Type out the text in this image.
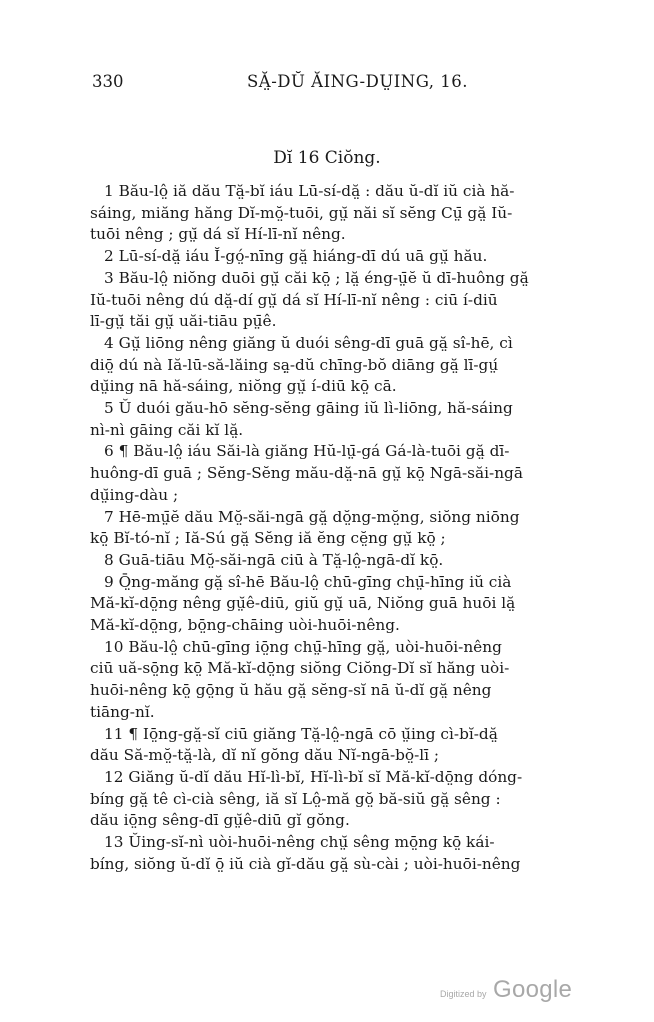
330	SĂ̤-DŬ ĂING-DṲING, 16.
Dĭ 16 Ciŏng.

1 Bău-lô̤ iă dău Tă̤-bĭ iáu Lū-sí-dă̤ : dău ŭ-dĭ iŭ cià hă-
sáing, miăng hăng Dĭ-mŏ̤-tuōi, gṳ̆ năi sĭ sĕng Cṳ̄ gă̤ Iŭ-
tuōi nêng ; gṳ̆ dá sĭ Hí-lī-nĭ nêng.

2 Lū-sí-dă̤ iáu Ĭ-gó̤-nīng gă̤ hiáng-dī dú uā gṳ̆ hău.

3 Bău-lô̤ niŏng duōi gṳ̆ căi kō̤ ; lă̤ éng-ṳ̄ĕ ŭ dī-huông gă̤
Iŭ-tuōi nêng dú dă̤-dí gṳ̆ dá sĭ Hí-lī-nĭ nêng : ciū í-diū
lī-gṳ̆ tăi gṳ̆ uăi-tiāu pṳ̄ê.

4 Gṳ̆ liōng nêng giăng ŭ duói sêng-dī guā gă̤ sî-hē, cì
diō̤ dú nà Iă-lū-să-lăing sạ̤-dŭ chīng-bŏ diāng gă̤ lī-gṳ́
dṳ̆ing nā hă-sáing, niŏng gṳ̆ í-diū kō̤ cā.

5 Ŭ duói gău-hō sĕng-sĕng gāing iŭ lì-liōng, hă-sáing
nì-nì gāing căi kĭ lă̤.

6 ¶ Bău-lô̤ iáu Săi-là giăng Hŭ-lṳ̄-gá Gá-là-tuōi gă̤ dī-
huông-dī guā ; Sĕng-Sĕng mău-dă̤-nā gṳ̆ kō̤ Ngā-săi-ngā
dṳ̆ing-dàu ;

7 Hē-mṳ̄ĕ dău Mŏ̤-săi-ngā gă̤ dŏ̤ng-mŏ̤ng, siŏng niōng
kō̤ Bĭ-tó-nĭ ; Iă-Sú gă̤ Sĕng iă ĕng cĕ̤ng gṳ̆ kō̤ ;

8 Guā-tiāu Mŏ̤-săi-ngā ciū à Tă̤-lô̤-ngā-dĭ kō̤.

9 Ō̤ng-măng gă̤ sî-hē Bău-lô̤ chū-gīng chṳ̄-hīng iŭ cià
Mă-kĭ-dō̤ng nêng gṳ̆ê-diū, giŭ gṳ̆ uā, Niŏng guā huōi lă̤
Mă-kĭ-dō̤ng, bō̤ng-chāing uòi-huōi-nêng.

10 Bău-lô̤ chū-gīng iō̤ng chṳ̄-hīng gă̤, uòi-huōi-nêng
ciū uă-sō̤ng kō̤ Mă-kĭ-dō̤ng siŏng Ciŏng-Dĭ sĭ hăng uòi-
huōi-nêng kō̤ gō̤ng ŭ hău gă̤ sĕng-sĭ nā ŭ-dĭ gă̤ nêng
tiāng-nĭ.

11 ¶ Iō̤ng-gă̤-sĭ ciū giăng Tă̤-lô̤-ngā cō ṳ̆ing cì-bĭ-dă̤
dău Să-mŏ̤-tă̤-là, dĭ nĭ gŏng dău Nĭ-ngā-bŏ̤-lī ;

12 Giăng ŭ-dĭ dău Hĭ-lì-bĭ, Hĭ-lì-bĭ sĭ Mă-kĭ-dō̤ng dóng-
bíng gă̤ tê cì-cià sêng, iă sĭ Lô̤-mă gŏ̤ bă-siŭ gă̤ sêng :
dău iō̤ng sêng-dī gṳ̆ê-diū gĭ gŏng.

13 Ŭing-sĭ-nì uòi-huōi-nêng chṳ̆ sêng mō̤ng kō̤ kái-
bíng, siŏng ŭ-dĭ ō̤ iŭ cià gĭ-dău gă̤ sù-cài ; uòi-huōi-nêng

Digitized by Google
